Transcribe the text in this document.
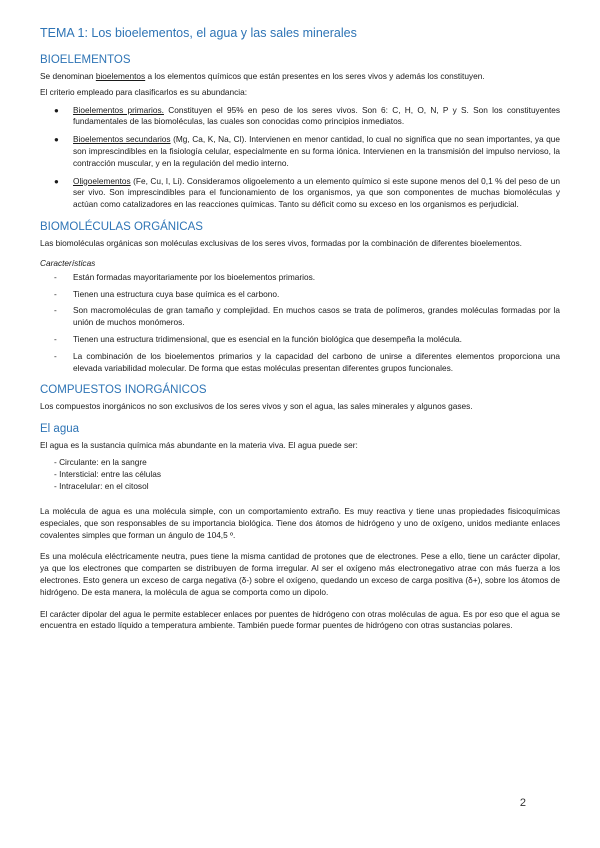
TEMA 1: Los bioelementos, el agua y las sales minerales
BIOELEMENTOS

Se denominan bioelementos a los elementos químicos que están presentes en los seres vivos y además los constituyen.

El criterio empleado para clasificarlos es su abundancia:

● Bioelementos primarios. Constituyen el 95% en peso de los seres vivos. Son 6: C, H, O, N, P y S. Son los constituyentes fundamentales de las biomoléculas, las cuales son conocidas como principios inmediatos.
● Bioelementos secundarios (Mg, Ca, K, Na, Cl). Intervienen en menor cantidad, lo cual no significa que no sean importantes, ya que son imprescindibles en la fisiología celular, especialmente en su forma iónica. Intervienen en la transmisión del impulso nervioso, la contracción muscular, y en la regulación del medio interno.
● Oligoelementos (Fe, Cu, I, Li). Consideramos oligoelemento a un elemento químico si este supone menos del 0,1 % del peso de un ser vivo. Son imprescindibles para el funcionamiento de los organismos, ya que son componentes de muchas biomoléculas y actúan como catalizadores en las reacciones químicas. Tanto su déficit como su exceso en los organismos es perjudicial.
BIOMOLÉCULAS ORGÁNICAS

Las biomoléculas orgánicas son moléculas exclusivas de los seres vivos, formadas por la combinación de diferentes bioelementos.

Características
- Están formadas mayoritariamente por los bioelementos primarios.
- Tienen una estructura cuya base química es el carbono.
- Son macromoléculas de gran tamaño y complejidad. En muchos casos se trata de polímeros, grandes moléculas formadas por la unión de muchos monómeros.
- Tienen una estructura tridimensional, que es esencial en la función biológica que desempeña la molécula.
- La combinación de los bioelementos primarios y la capacidad del carbono de unirse a diferentes elementos proporciona una elevada variabilidad molecular. De forma que estas moléculas presentan diferentes grupos funcionales.
COMPUESTOS INORGÁNICOS

Los compuestos inorgánicos no son exclusivos de los seres vivos y son el agua, las sales minerales y algunos gases.

El agua

El agua es la sustancia química más abundante en la materia viva. El agua puede ser:

- Circulante: en la sangre
- Intersticial: entre las células
- Intracelular: en el citosol

La molécula de agua es una molécula simple, con un comportamiento extraño. Es muy reactiva y tiene unas propiedades fisicoquímicas especiales, que son responsables de su importancia biológica. Tiene dos átomos de hidrógeno y uno de oxígeno, unidos mediante enlaces covalentes simples que forman un ángulo de 104,5 º.

Es una molécula eléctricamente neutra, pues tiene la misma cantidad de protones que de electrones. Pese a ello, tiene un carácter dipolar, ya que los electrones que comparten se distribuyen de forma irregular. Al ser el oxígeno más electronegativo atrae con más fuerza a los electrones. Esto genera un exceso de carga negativa (δ-) sobre el oxígeno, quedando un exceso de carga positiva (δ+), sobre los átomos de hidrógeno. De esta manera, la molécula de agua se comporta como un dipolo.

El carácter dipolar del agua le permite establecer enlaces por puentes de hidrógeno con otras moléculas de agua. Es por eso que el agua se encuentra en estado líquido a temperatura ambiente. También puede formar puentes de hidrógeno con otras sustancias polares.

2
